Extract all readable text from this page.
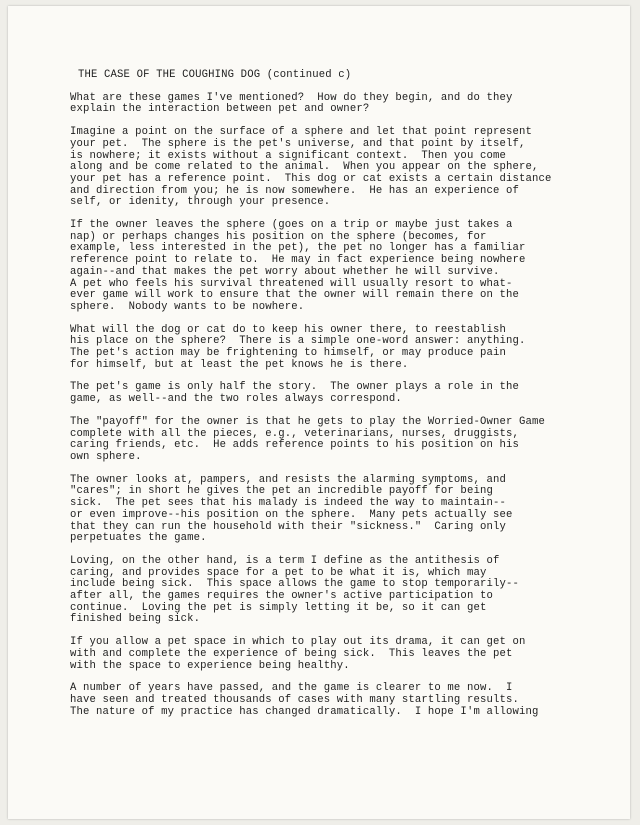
THE CASE OF THE COUGHING DOG (continued c)
What are these games I've mentioned?  How do they begin, and do they
explain the interaction between pet and owner?
Imagine a point on the surface of a sphere and let that point represent
your pet.  The sphere is the pet's universe, and that point by itself,
is nowhere; it exists without a significant context.  Then you come
along and be come related to the animal.  When you appear on the sphere,
your pet has a reference point.  This dog or cat exists a certain distance
and direction from you; he is now somewhere.  He has an experience of
self, or idenity, through your presence.
If the owner leaves the sphere (goes on a trip or maybe just takes a
nap) or perhaps changes his position on the sphere (becomes, for
example, less interested in the pet), the pet no longer has a familiar
reference point to relate to.  He may in fact experience being nowhere
again--and that makes the pet worry about whether he will survive.
A pet who feels his survival threatened will usually resort to what-
ever game will work to ensure that the owner will remain there on the
sphere.  Nobody wants to be nowhere.
What will the dog or cat do to keep his owner there, to reestablish
his place on the sphere?  There is a simple one-word answer: anything.
The pet's action may be frightening to himself, or may produce pain
for himself, but at least the pet knows he is there.
The pet's game is only half the story.  The owner plays a role in the
game, as well--and the two roles always correspond.
The "payoff" for the owner is that he gets to play the Worried-Owner Game
complete with all the pieces, e.g., veterinarians, nurses, druggists,
caring friends, etc.  He adds reference points to his position on his
own sphere.
The owner looks at, pampers, and resists the alarming symptoms, and
"cares"; in short he gives the pet an incredible payoff for being
sick.  The pet sees that his malady is indeed the way to maintain--
or even improve--his position on the sphere.  Many pets actually see
that they can run the household with their "sickness."  Caring only
perpetuates the game.
Loving, on the other hand, is a term I define as the antithesis of
caring, and provides space for a pet to be what it is, which may
include being sick.  This space allows the game to stop temporarily--
after all, the games requires the owner's active participation to
continue.  Loving the pet is simply letting it be, so it can get
finished being sick.
If you allow a pet space in which to play out its drama, it can get on
with and complete the experience of being sick.  This leaves the pet
with the space to experience being healthy.
A number of years have passed, and the game is clearer to me now.  I
have seen and treated thousands of cases with many startling results.
The nature of my practice has changed dramatically.  I hope I'm allowing
